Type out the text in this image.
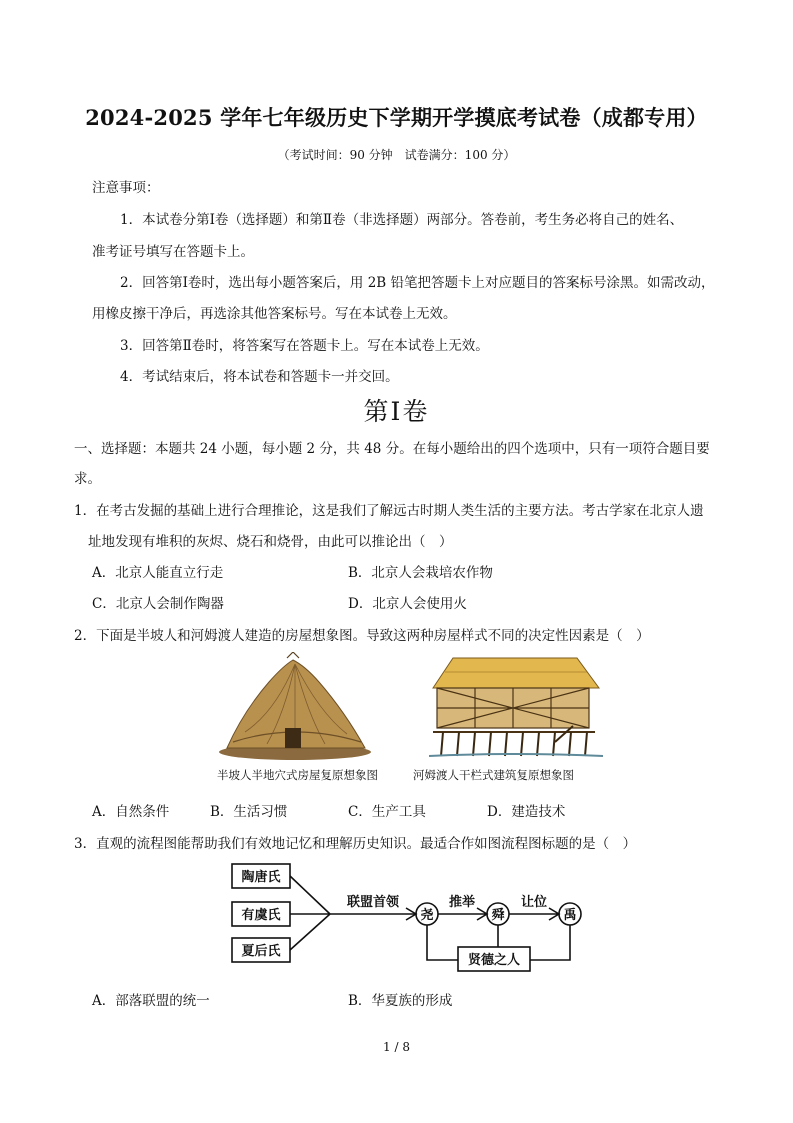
2024-2025 学年七年级历史下学期开学摸底考试卷（成都专用）
（考试时间：90 分钟　试卷满分：100 分）
注意事项：
1．本试卷分第Ⅰ卷（选择题）和第Ⅱ卷（非选择题）两部分。答卷前，考生务必将自己的姓名、
准考证号填写在答题卡上。
2．回答第Ⅰ卷时，选出每小题答案后，用 2B 铅笔把答题卡上对应题目的答案标号涂黑。如需改动，
用橡皮擦干净后，再选涂其他答案标号。写在本试卷上无效。
3．回答第Ⅱ卷时，将答案写在答题卡上。写在本试卷上无效。
4．考试结束后，将本试卷和答题卡一并交回。
第Ⅰ卷
一、选择题：本题共 24 小题，每小题 2 分，共 48 分。在每小题给出的四个选项中，只有一项符合题目要
求。
1．在考古发掘的基础上进行合理推论，这是我们了解远古时期人类生活的主要方法。考古学家在北京人遗
址地发现有堆积的灰烬、烧石和烧骨，由此可以推论出（　）
A．北京人能直立行走	B．北京人会栽培农作物
C．北京人会制作陶器	D．北京人会使用火
2．下面是半坡人和河姆渡人建造的房屋想象图。导致这两种房屋样式不同的决定性因素是（　）
半坡人半地穴式房屋复原想象图	河姆渡人干栏式建筑复原想象图
A．自然条件	B．生活习惯	C．生产工具	D．建造技术
3．直观的流程图能帮助我们有效地记忆和理解历史知识。最适合作如图流程图标题的是（　）
陶唐氏
有虞氏
夏后氏
联盟首领	推举	让位
尧	舜	禹
贤德之人
A．部落联盟的统一	B．华夏族的形成
1 / 8
